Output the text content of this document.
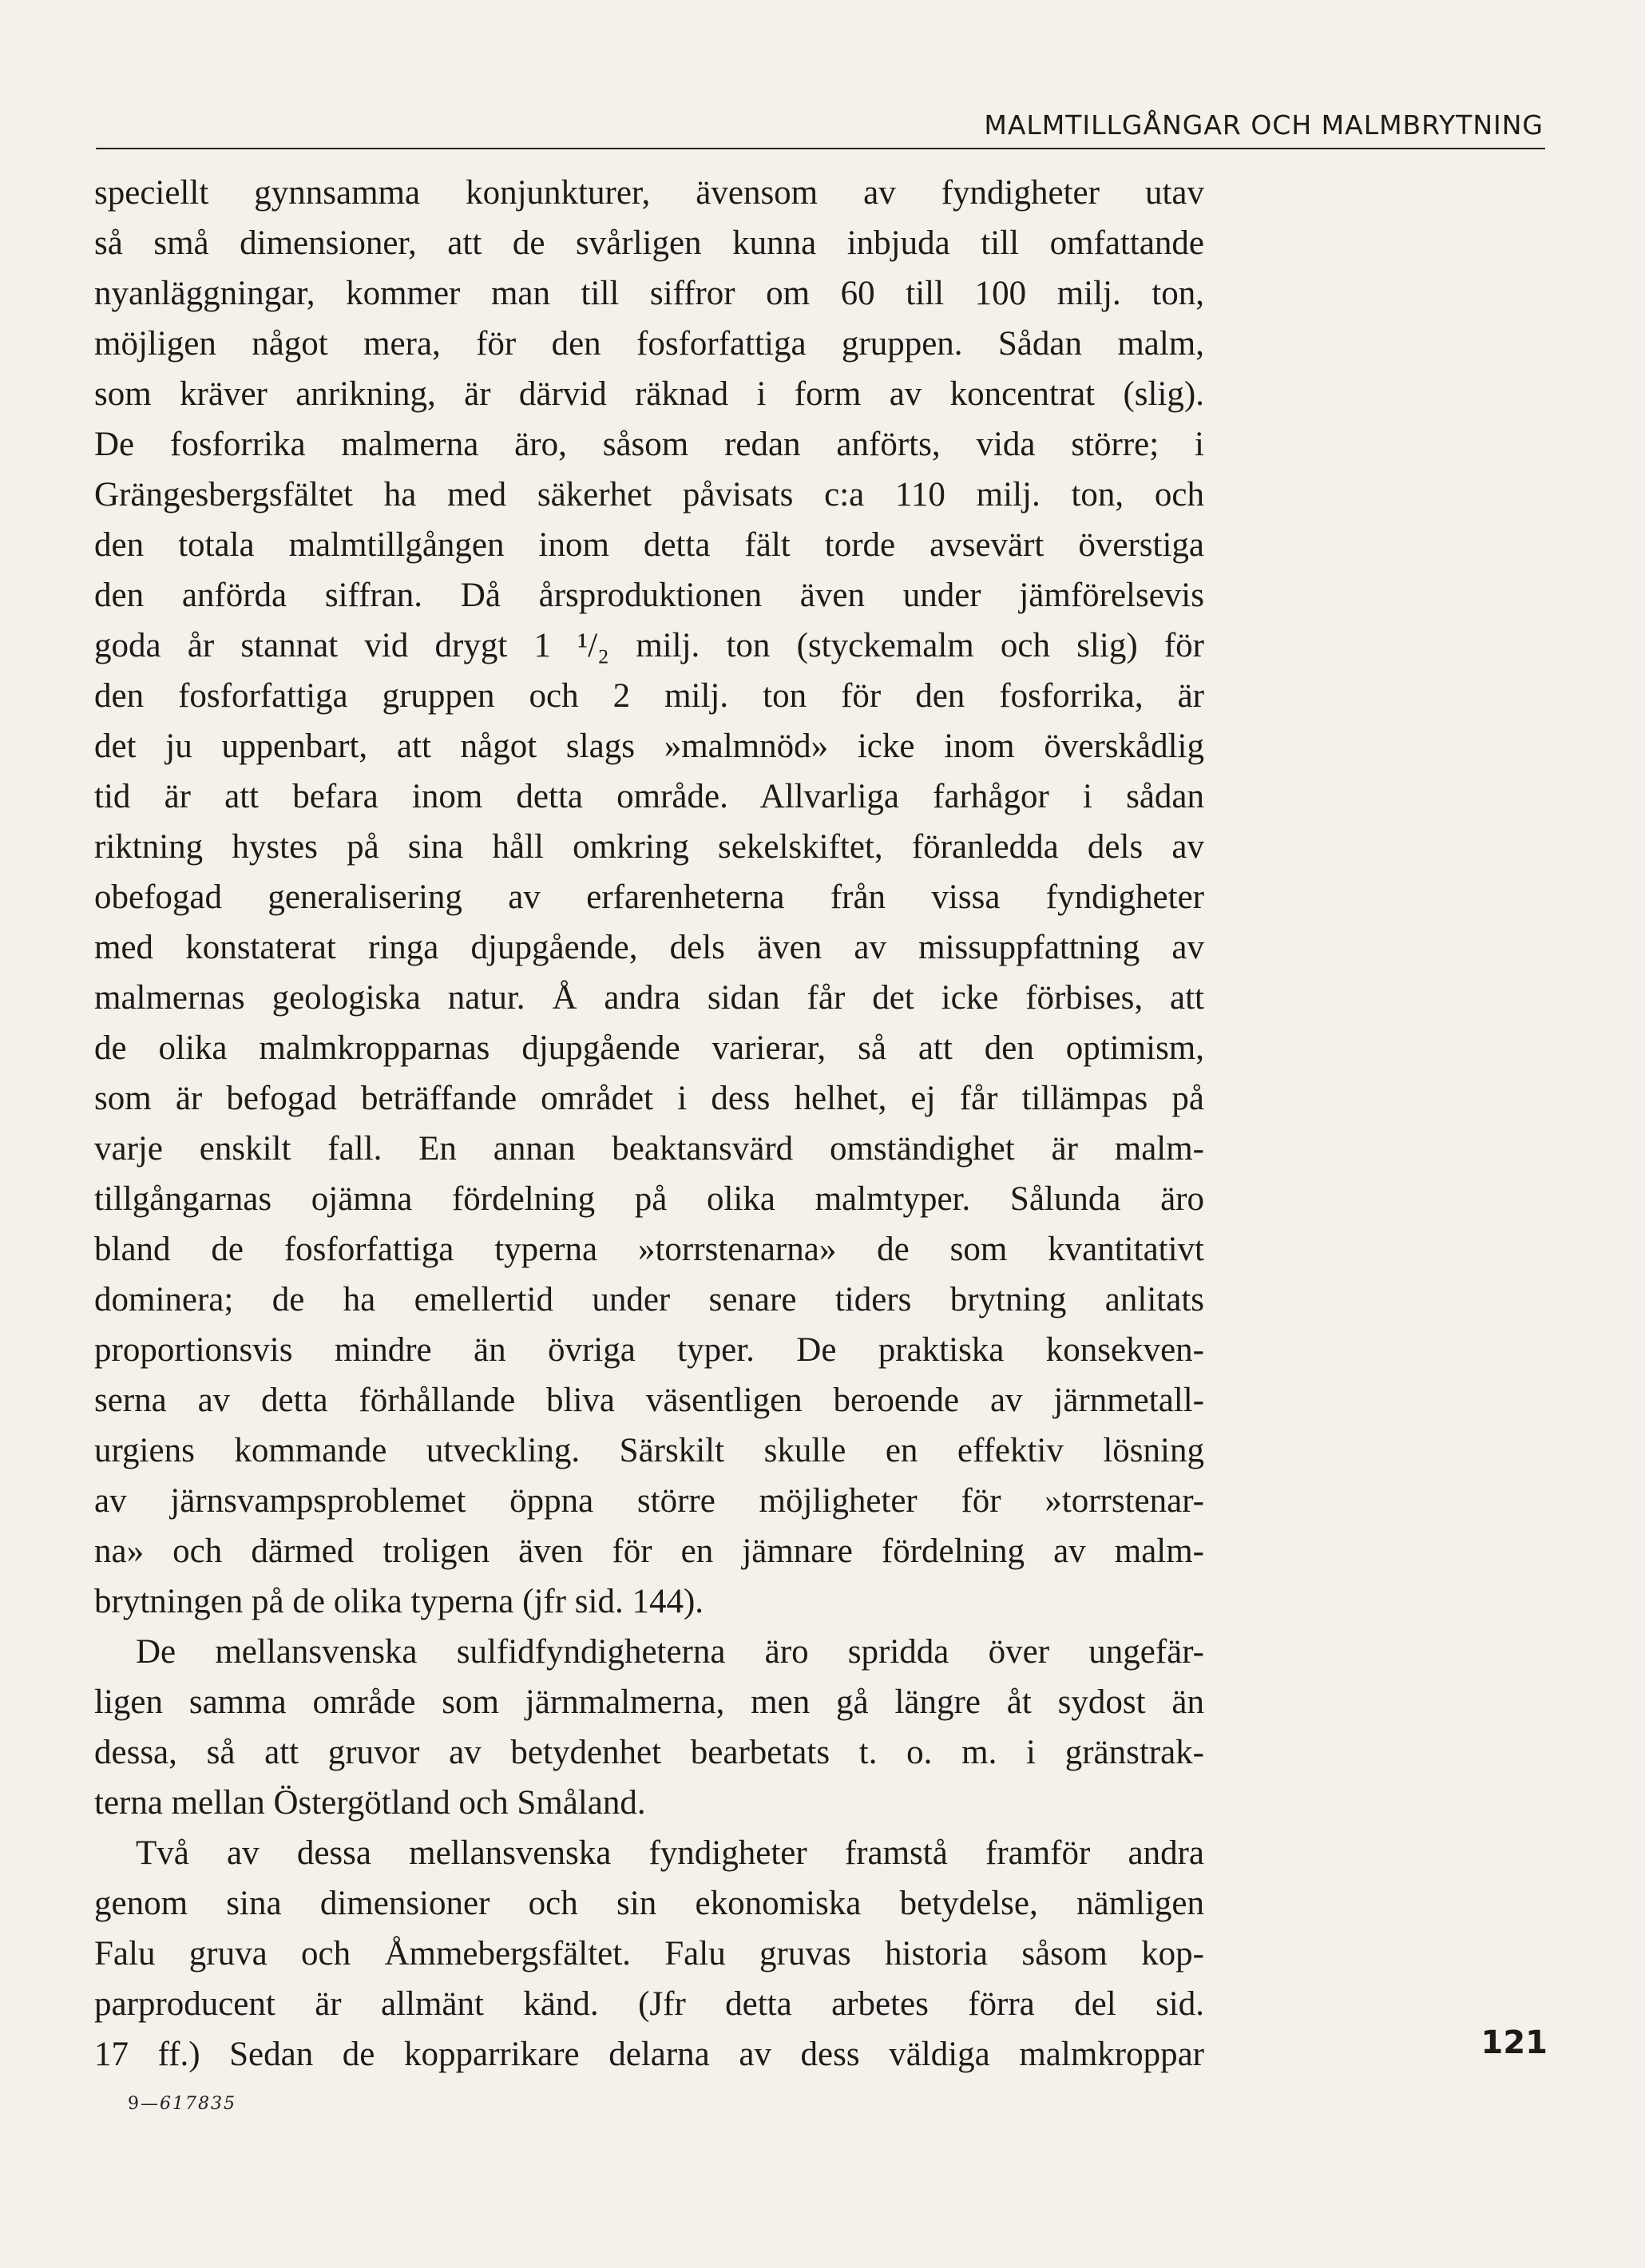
MALMTILLGÅNGAR OCH MALMBRYTNING
speciellt gynnsamma konjunkturer, ävensom av fyndigheter utav
så små dimensioner, att de svårligen kunna inbjuda till omfattande
nyanläggningar, kommer man till siffror om 60 till 100 milj. ton,
möjligen något mera, för den fosforfattiga gruppen. Sådan malm,
som kräver anrikning, är därvid räknad i form av koncentrat (slig).
De fosforrika malmerna äro, såsom redan anförts, vida större; i
Grängesbergsfältet ha med säkerhet påvisats c:a 110 milj. ton, och
den totala malmtillgången inom detta fält torde avsevärt överstiga
den anförda siffran. Då årsproduktionen även under jämförelsevis
goda år stannat vid drygt 1 ¹/₂ milj. ton (styckemalm och slig) för
den fosforfattiga gruppen och 2 milj. ton för den fosforrika, är
det ju uppenbart, att något slags »malmnöd» icke inom överskådlig
tid är att befara inom detta område. Allvarliga farhågor i sådan
riktning hystes på sina håll omkring sekelskiftet, föranledda dels av
obefogad generalisering av erfarenheterna från vissa fyndigheter
med konstaterat ringa djupgående, dels även av missuppfattning av
malmernas geologiska natur. Å andra sidan får det icke förbises, att
de olika malmkropparnas djupgående varierar, så att den optimism,
som är befogad beträffande området i dess helhet, ej får tillämpas på
varje enskilt fall. En annan beaktansvärd omständighet är malm-
tillgångarnas ojämna fördelning på olika malmtyper. Sålunda äro
bland de fosforfattiga typerna »torrstenarna» de som kvantitativt
dominera; de ha emellertid under senare tiders brytning anlitats
proportionsvis mindre än övriga typer. De praktiska konsekven-
serna av detta förhållande bliva väsentligen beroende av järnmetall-
urgiens kommande utveckling. Särskilt skulle en effektiv lösning
av järnsvampsproblemet öppna större möjligheter för »torrstenar-
na» och därmed troligen även för en jämnare fördelning av malm-
brytningen på de olika typerna (jfr sid. 144).
De mellansvenska sulfidfyndigheterna äro spridda över ungefär-
ligen samma område som järnmalmerna, men gå längre åt sydost än
dessa, så att gruvor av betydenhet bearbetats t. o. m. i gränstrak-
terna mellan Östergötland och Småland.
Två av dessa mellansvenska fyndigheter framstå framför andra
genom sina dimensioner och sin ekonomiska betydelse, nämligen
Falu gruva och Åmmebergsfältet. Falu gruvas historia såsom kop-
parproducent är allmänt känd. (Jfr detta arbetes förra del sid.
17 ff.) Sedan de kopparrikare delarna av dess väldiga malmkroppar	121
9—617835
